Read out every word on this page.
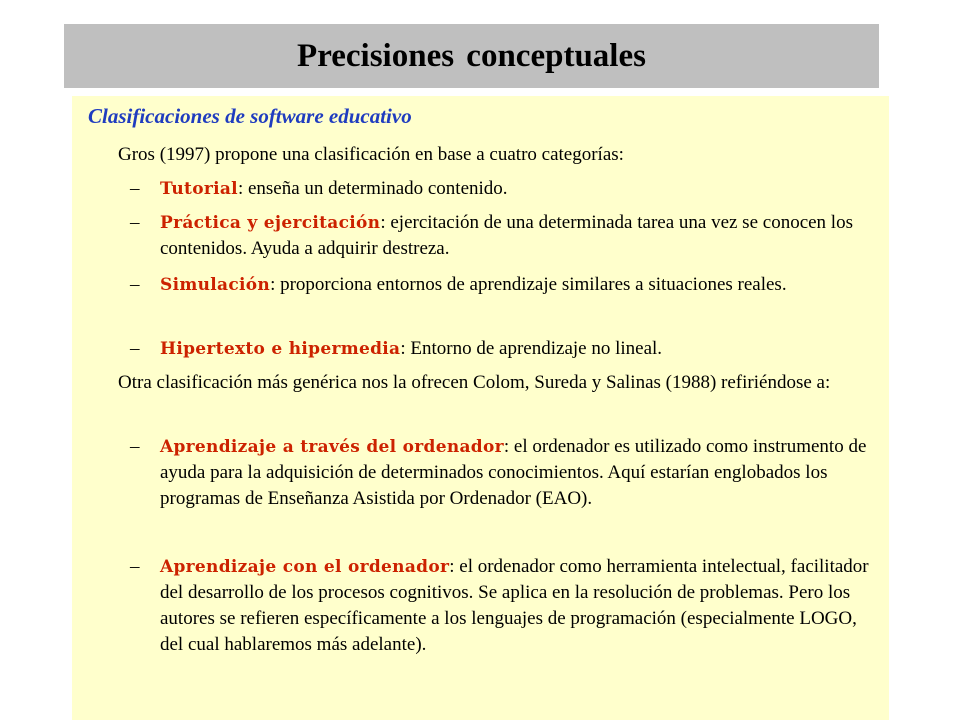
Precisiones conceptuales
Clasificaciones de software educativo
Gros (1997) propone una clasificación en base a cuatro categorías:
– Tutorial: enseña un determinado contenido.
– Práctica y ejercitación: ejercitación de una determinada tarea una vez se conocen los contenidos. Ayuda a adquirir destreza.
– Simulación: proporciona entornos de aprendizaje similares a situaciones reales.
– Hipertexto e hipermedia: Entorno de aprendizaje no lineal.
Otra clasificación más genérica nos la ofrecen Colom, Sureda y Salinas (1988) refiriéndose a:
– Aprendizaje a través del ordenador: el ordenador es utilizado como instrumento de ayuda para la adquisición de determinados conocimientos. Aquí estarían englobados los programas de Enseñanza Asistida por Ordenador (EAO).
– Aprendizaje con el ordenador: el ordenador como herramienta intelectual, facilitador del desarrollo de los procesos cognitivos. Se aplica en la resolución de problemas. Pero los autores se refieren específicamente a los lenguajes de programación (especialmente LOGO, del cual hablaremos más adelante).
